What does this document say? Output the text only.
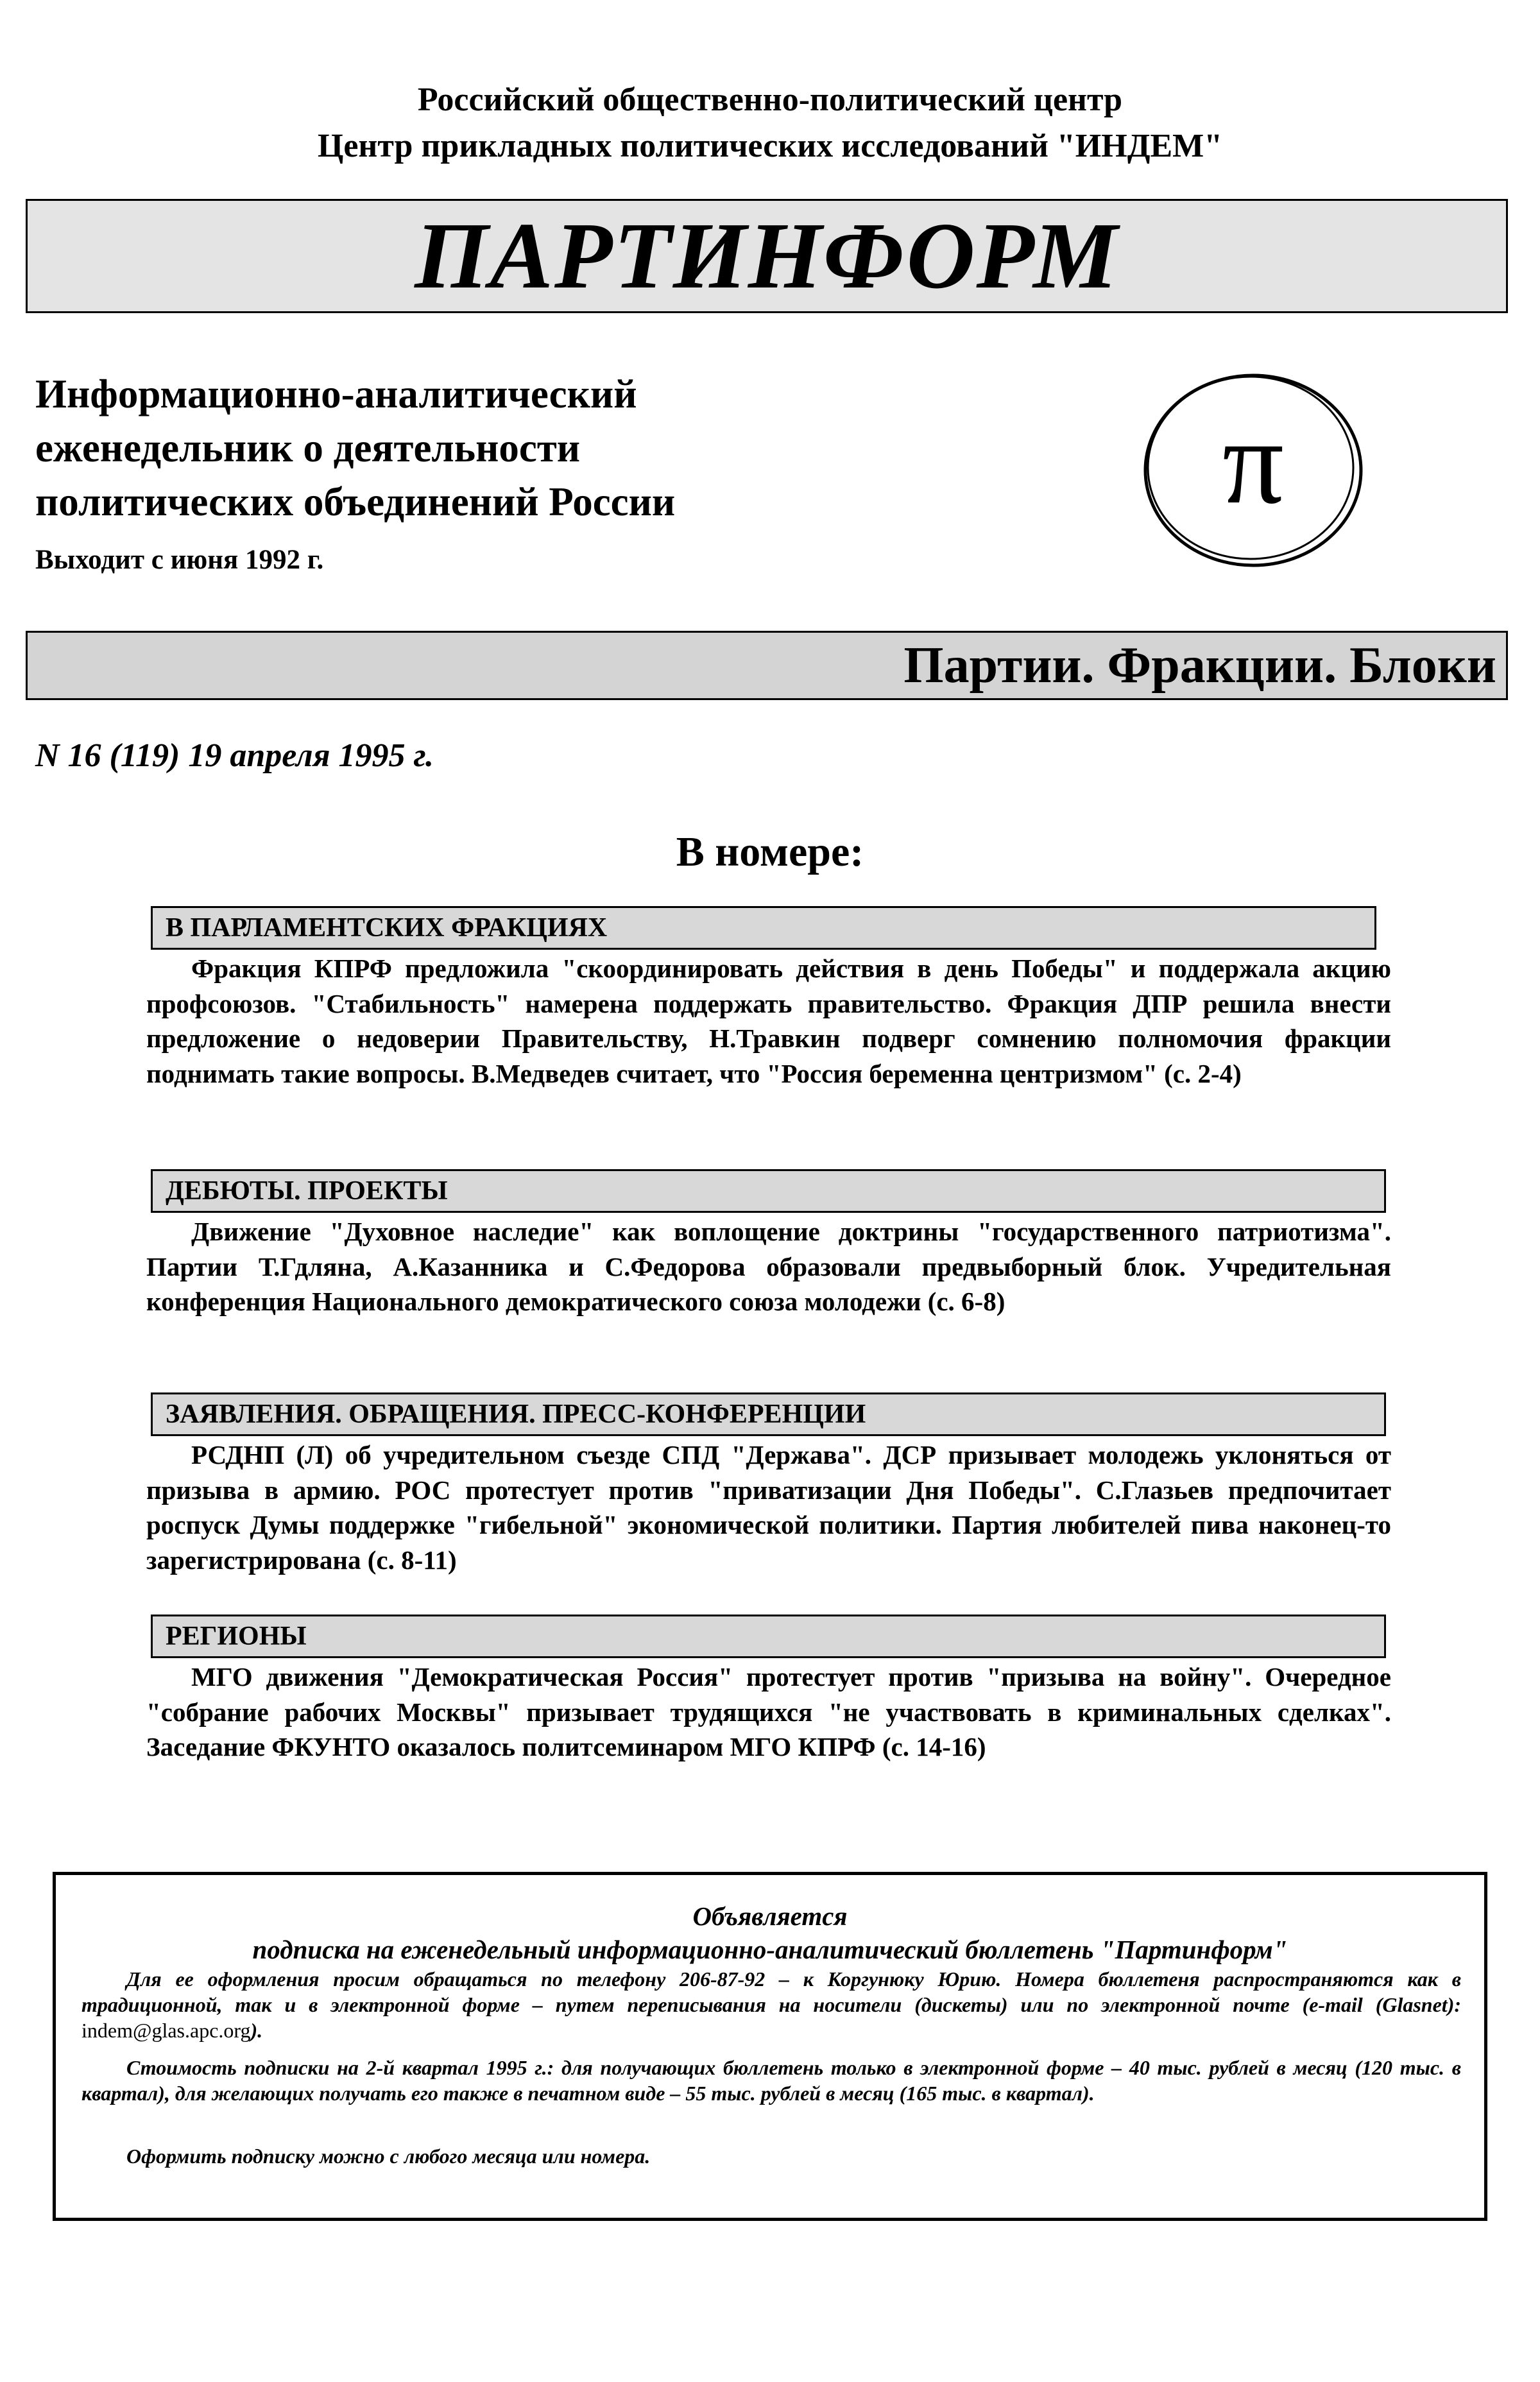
Российский общественно-политический центр
Центр прикладных политических исследований "ИНДЕМ"
ПАРТИНФОРМ
Информационно-аналитический
еженедельник о деятельности
политических объединений России
Выходит с июня 1992 г.
π
Партии. Фракции. Блоки
N 16 (119) 19 апреля 1995 г.
В номере:
В ПАРЛАМЕНТСКИХ ФРАКЦИЯХ
Фракция КПРФ предложила "скоординировать действия в день Победы" и поддержала акцию профсоюзов. "Стабильность" намерена поддержать правительство. Фракция ДПР решила внести предложение о недоверии Правительству, Н.Травкин подверг сомнению полномочия фракции поднимать такие вопросы. В.Медведев считает, что "Россия беременна центризмом" (с. 2-4)
ДЕБЮТЫ. ПРОЕКТЫ
Движение "Духовное наследие" как воплощение доктрины "государственного патриотизма". Партии Т.Гдляна, А.Казанника и С.Федорова образовали предвыборный блок. Учредительная конференция Национального демократического союза молодежи (с. 6-8)
ЗАЯВЛЕНИЯ. ОБРАЩЕНИЯ. ПРЕСС-КОНФЕРЕНЦИИ
РСДНП (Л) об учредительном съезде СПД "Держава". ДСР призывает молодежь уклоняться от призыва в армию. РОС протестует против "приватизации Дня Победы". С.Глазьев предпочитает роспуск Думы поддержке "гибельной" экономической политики. Партия любителей пива наконец-то зарегистрирована (с. 8-11)
РЕГИОНЫ
МГО движения "Демократическая Россия" протестует против "призыва на войну". Очередное "собрание рабочих Москвы" призывает трудящихся "не участвовать в криминальных сделках". Заседание ФКУНТО оказалось политсеминаром МГО КПРФ (с. 14-16)
Объявляется
подписка на еженедельный информационно-аналитический бюллетень "Партинформ"
Для ее оформления просим обращаться по телефону 206-87-92 – к Коргунюку Юрию. Номера бюллетеня распространяются как в традиционной, так и в электронной форме – путем переписывания на носители (дискеты) или по электронной почте (e-mail (Glasnet): indem@glas.apc.org).
Стоимость подписки на 2-й квартал 1995 г.: для получающих бюллетень только в электронной форме – 40 тыс. рублей в месяц (120 тыс. в квартал), для желающих получать его также в печатном виде – 55 тыс. рублей в месяц (165 тыс. в квартал).
Оформить подписку можно с любого месяца или номера.
